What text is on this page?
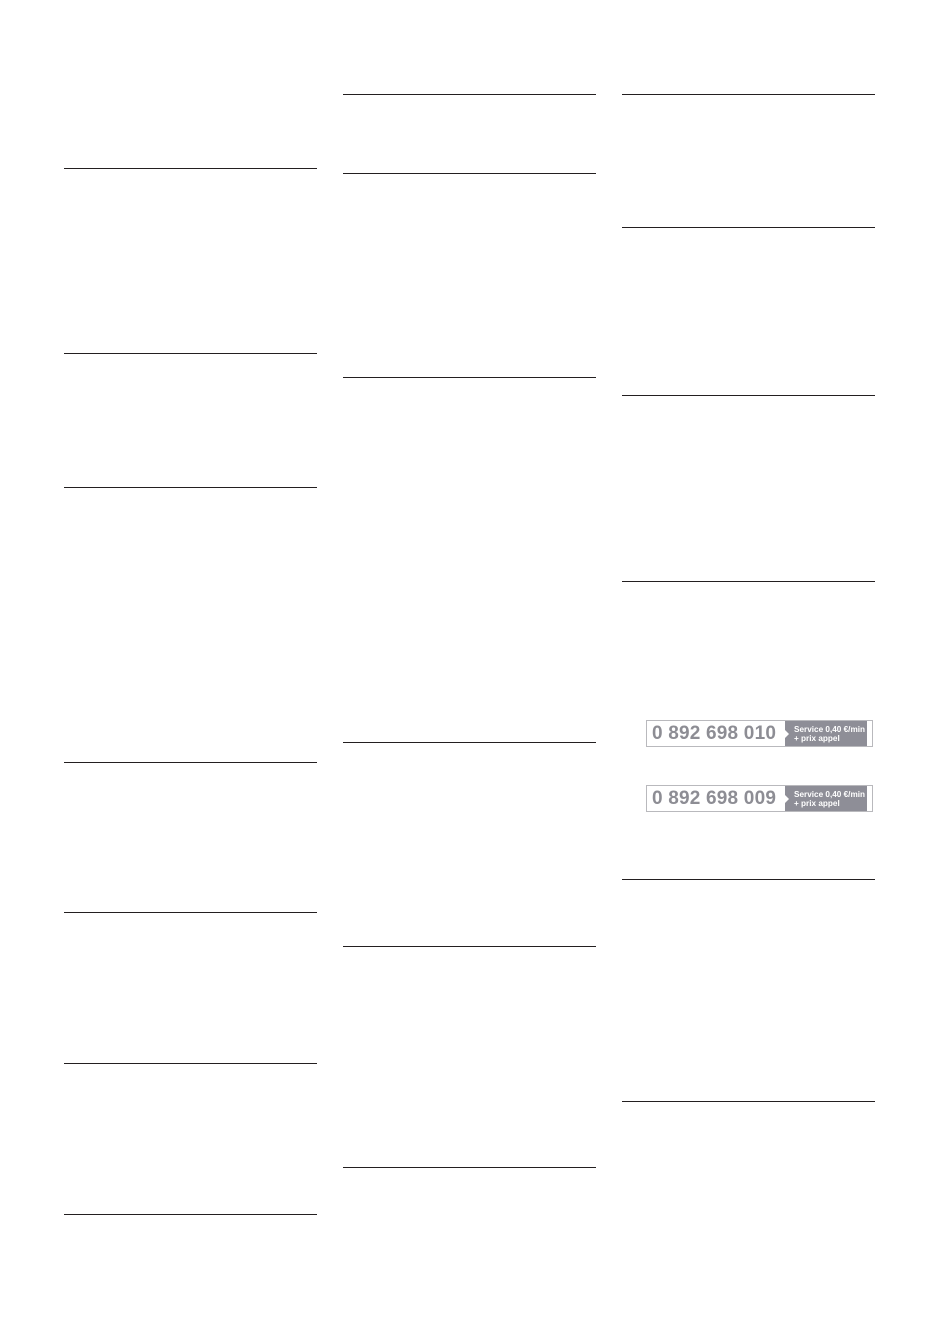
0 892 698 010	Service 0,40 €/min
+ prix appel
0 892 698 009	Service 0,40 €/min
+ prix appel
